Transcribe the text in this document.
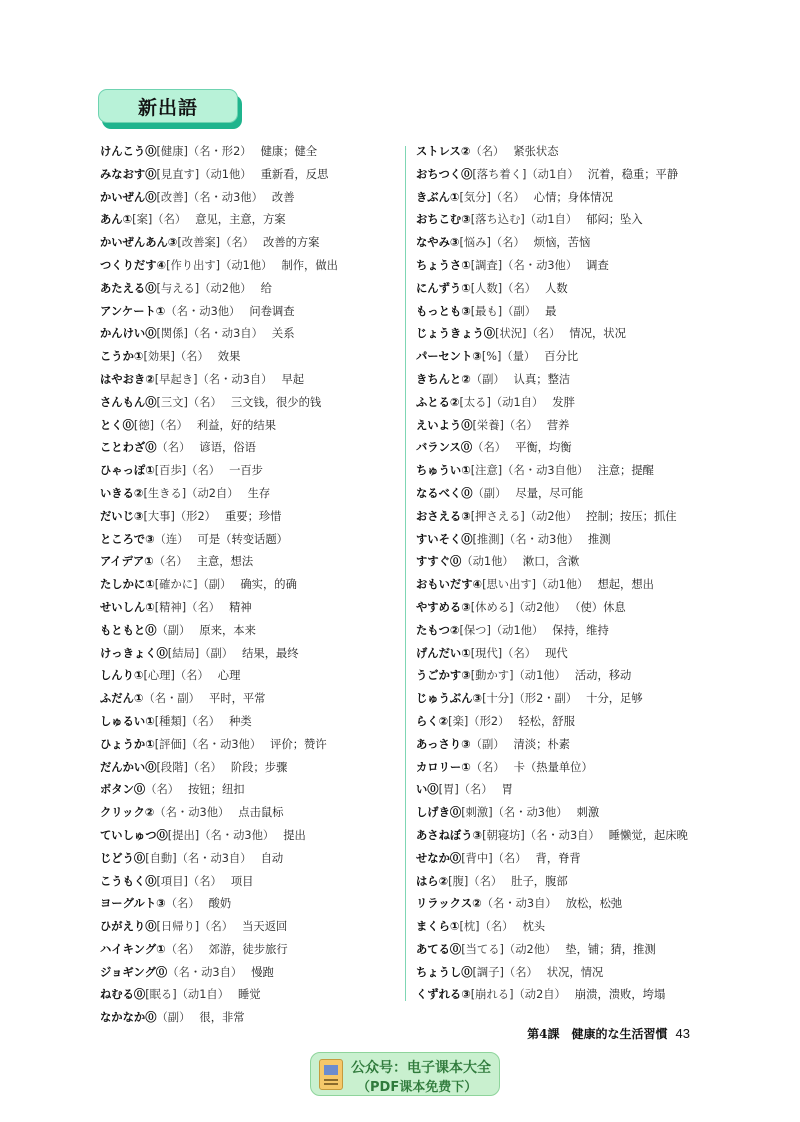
新出語
けんこう⓪[健康]（名・形2） 健康；健全
みなおす⓪[見直す]（动1他） 重新看，反思
かいぜん⓪[改善]（名・动3他） 改善
あん①[案]（名） 意见，主意，方案
かいぜんあん③[改善案]（名） 改善的方案
つくりだす④[作り出す]（动1他） 制作，做出
あたえる⓪[与える]（动2他） 给
アンケート①（名・动3他） 问卷调查
かんけい⓪[関係]（名・动3自） 关系
こうか①[効果]（名） 效果
はやおき②[早起き]（名・动3自） 早起
さんもん⓪[三文]（名） 三文钱，很少的钱
とく⓪[徳]（名） 利益，好的结果
ことわざ⓪（名） 谚语，俗语
ひゃっぽ①[百歩]（名） 一百步
いきる②[生きる]（动2自） 生存
だいじ③[大事]（形2） 重要；珍惜
ところで③（连） 可是（转变话题）
アイデア①（名） 主意，想法
たしかに①[確かに]（副） 确实，的确
せいしん①[精神]（名） 精神
もともと⓪（副） 原来，本来
けっきょく⓪[結局]（副） 结果，最终
しんり①[心理]（名） 心理
ふだん①（名・副） 平时，平常
しゅるい①[種類]（名） 种类
ひょうか①[評価]（名・动3他） 评价；赞许
だんかい⓪[段階]（名） 阶段；步骤
ボタン⓪（名） 按钮；纽扣
クリック②（名・动3他） 点击鼠标
ていしゅつ⓪[提出]（名・动3他） 提出
じどう⓪[自動]（名・动3自） 自动
こうもく⓪[項目]（名） 项目
ヨーグルト③（名） 酸奶
ひがえり⓪[日帰り]（名） 当天返回
ハイキング①（名） 郊游，徒步旅行
ジョギング⓪（名・动3自） 慢跑
ねむる⓪[眠る]（动1自） 睡觉
なかなか⓪（副） 很，非常
ストレス②（名） 紧张状态
おちつく⓪[落ち着く]（动1自） 沉着，稳重；平静
きぶん①[気分]（名） 心情；身体情况
おちこむ③[落ち込む]（动1自） 郁闷；坠入
なやみ③[悩み]（名） 烦恼，苦恼
ちょうさ①[調査]（名・动3他） 调查
にんずう①[人数]（名） 人数
もっとも③[最も]（副） 最
じょうきょう⓪[状況]（名） 情况，状况
パーセント③[%]（量） 百分比
きちんと②（副） 认真；整洁
ふとる②[太る]（动1自） 发胖
えいよう⓪[栄養]（名） 营养
バランス⓪（名） 平衡，均衡
ちゅうい①[注意]（名・动3自他） 注意；提醒
なるべく⓪（副） 尽量，尽可能
おさえる③[押さえる]（动2他） 控制；按压；抓住
すいそく⓪[推測]（名・动3他） 推测
すすぐ⓪（动1他） 漱口，含漱
おもいだす④[思い出す]（动1他） 想起，想出
やすめる③[休める]（动2他） （使）休息
たもつ②[保つ]（动1他） 保持，维持
げんだい①[現代]（名） 现代
うごかす③[動かす]（动1他） 活动，移动
じゅうぶん③[十分]（形2・副） 十分，足够
らく②[楽]（形2） 轻松，舒服
あっさり③（副） 清淡；朴素
カロリー①（名） 卡（热量单位）
い⓪[胃]（名） 胃
しげき⓪[刺激]（名・动3他） 刺激
あさねぼう③[朝寝坊]（名・动3自） 睡懒觉，起床晚
せなか⓪[背中]（名） 背，脊背
はら②[腹]（名） 肚子，腹部
リラックス②（名・动3自） 放松，松弛
まくら①[枕]（名） 枕头
あてる⓪[当てる]（动2他） 垫，铺；猜，推测
ちょうし⓪[調子]（名） 状况，情况
くずれる③[崩れる]（动2自） 崩溃，溃败，垮塌
第4課　健康的な生活習慣 43
公众号：电子课本大全
（PDF课本免费下）
